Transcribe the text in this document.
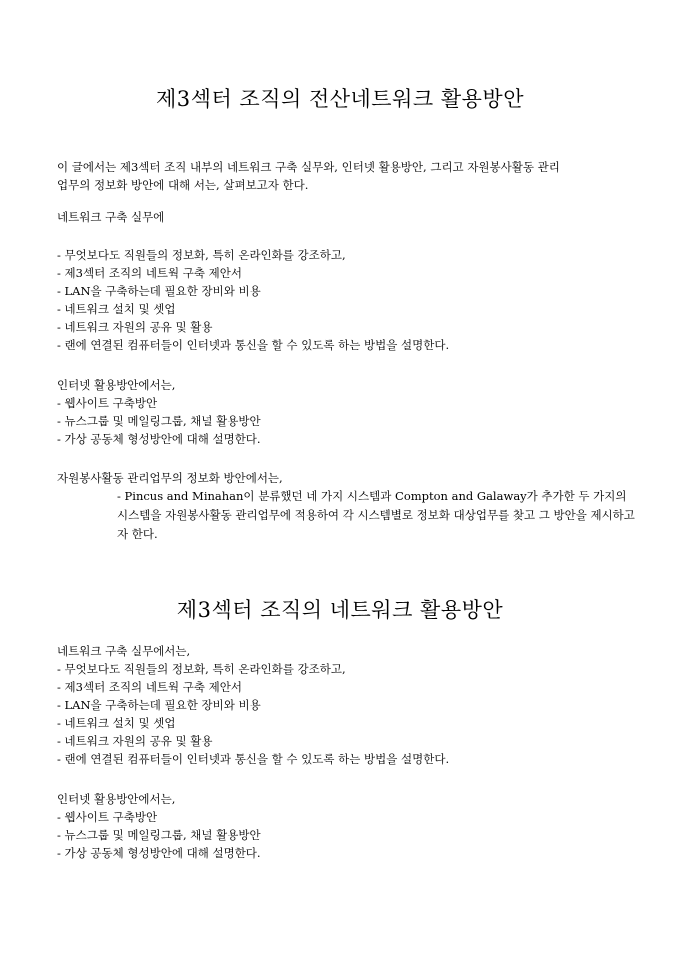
제3섹터 조직의 전산네트워크 활용방안
이 글에서는 제3섹터 조직 내부의 네트워크 구축 실무와, 인터넷 활용방안, 그리고 자원봉사활동 관리
업무의 정보화 방안에 대해 서는, 살펴보고자 한다.
네트워크 구축 실무에
- 무엇보다도 직원들의 정보화, 특히 온라인화를 강조하고,
- 제3섹터 조직의 네트웍 구축 제안서
- LAN을 구축하는데 필요한 장비와 비용
- 네트워크 설치 및 셋업
- 네트워크 자원의 공유 및 활용
- 랜에 연결된 컴퓨터들이 인터넷과 통신을 할 수 있도록 하는 방법을 설명한다.
인터넷 활용방안에서는,
- 웹사이트 구축방안
- 뉴스그룹 및 메일링그룹, 채널 활용방안
- 가상 공동체 형성방안에 대해 설명한다.
자원봉사활동 관리업무의 정보화 방안에서는,
- Pincus and Minahan이 분류했던 네 가지 시스템과 Compton and Galaway가 추가한 두 가지의 시스템을 자원봉사활동 관리업무에 적용하여 각 시스템별로 정보화 대상업무를 찾고 그 방안을 제시하고자 한다.
제3섹터 조직의 네트워크 활용방안
네트워크 구축 실무에서는,
- 무엇보다도 직원들의 정보화, 특히 온라인화를 강조하고,
- 제3섹터 조직의 네트웍 구축 제안서
- LAN을 구축하는데 필요한 장비와 비용
- 네트워크 설치 및 셋업
- 네트워크 자원의 공유 및 활용
- 랜에 연결된 컴퓨터들이 인터넷과 통신을 할 수 있도록 하는 방법을 설명한다.
인터넷 활용방안에서는,
- 웹사이트 구축방안
- 뉴스그룹 및 메일링그룹, 채널 활용방안
- 가상 공동체 형성방안에 대해 설명한다.
